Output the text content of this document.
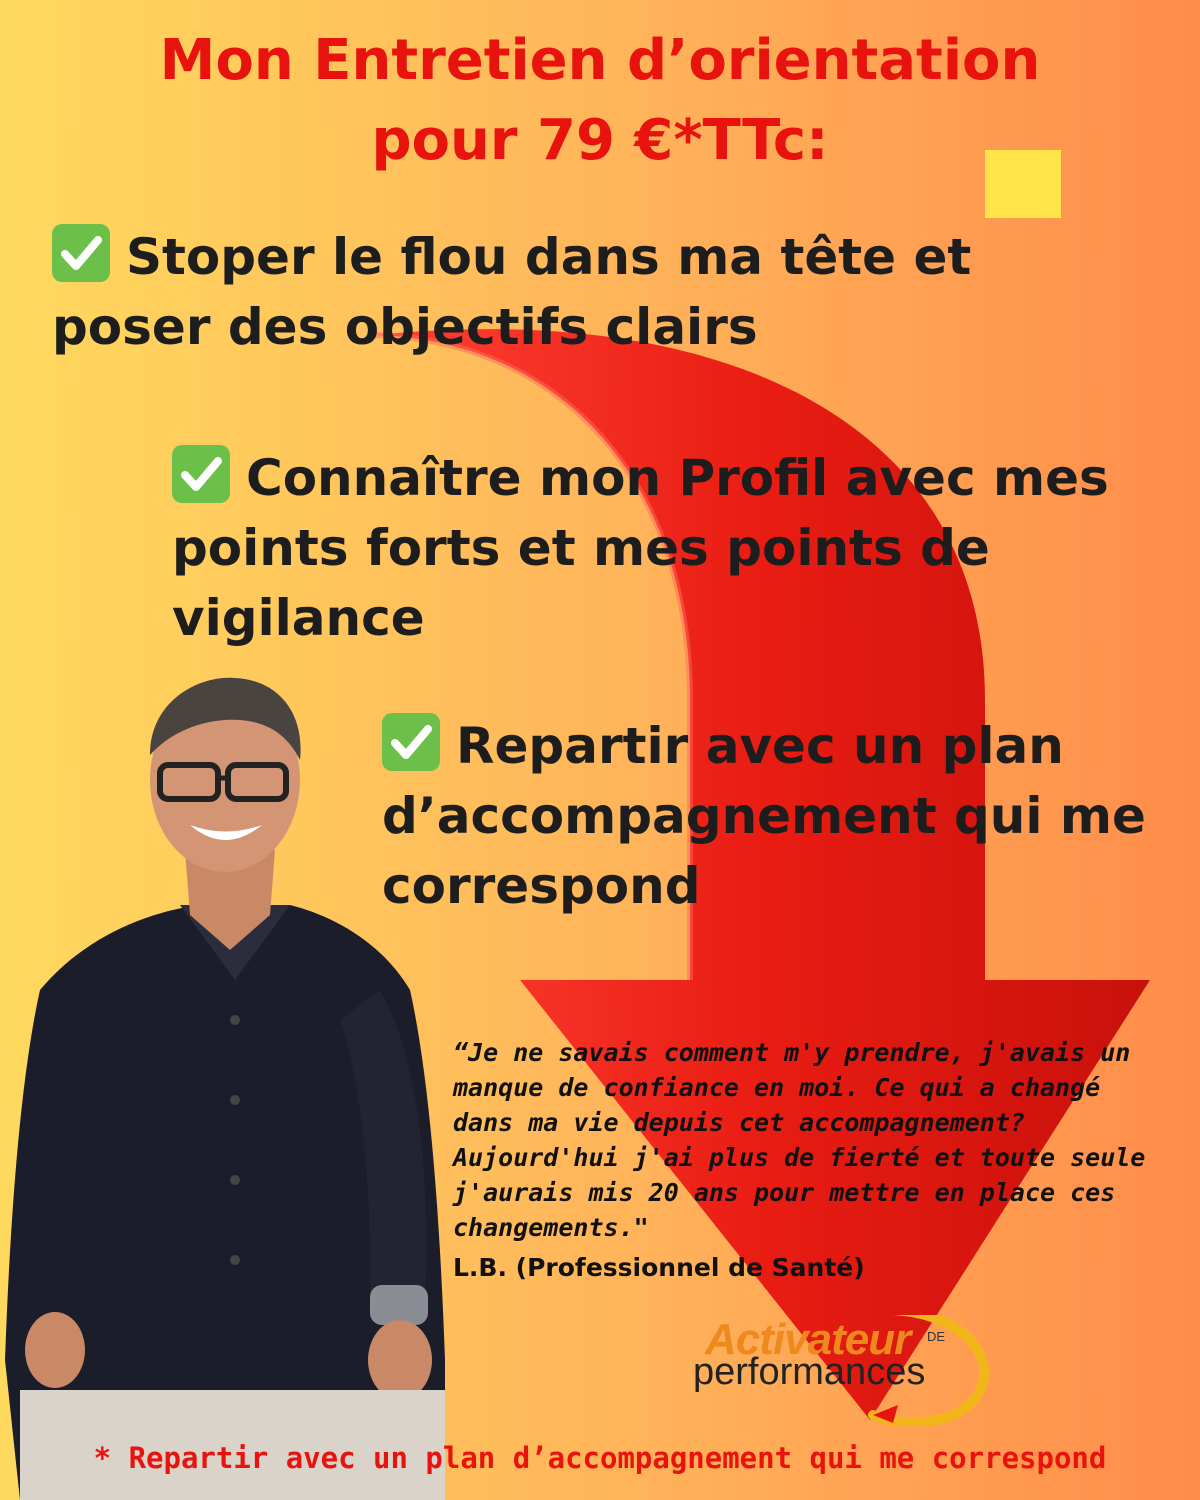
Mon Entretien d’orientation
pour 79 €*TTc:
Stoper le flou dans ma tête et
poser des objectifs clairs
Connaître mon Profil avec mes
points forts et mes points de
vigilance
Repartir avec un plan
d’accompagnement qui me
correspond
“Je ne savais comment m'y prendre, j'avais un
manque de confiance en moi. Ce qui a changé
dans ma vie depuis cet accompagnement?
Aujourd'hui j'ai plus de fierté et toute seule
j'aurais mis 20 ans pour mettre en place ces
changements."
L.B. (Professionnel de Santé)
Activateur DE
performances
* Repartir avec un plan d’accompagnement qui me correspond
